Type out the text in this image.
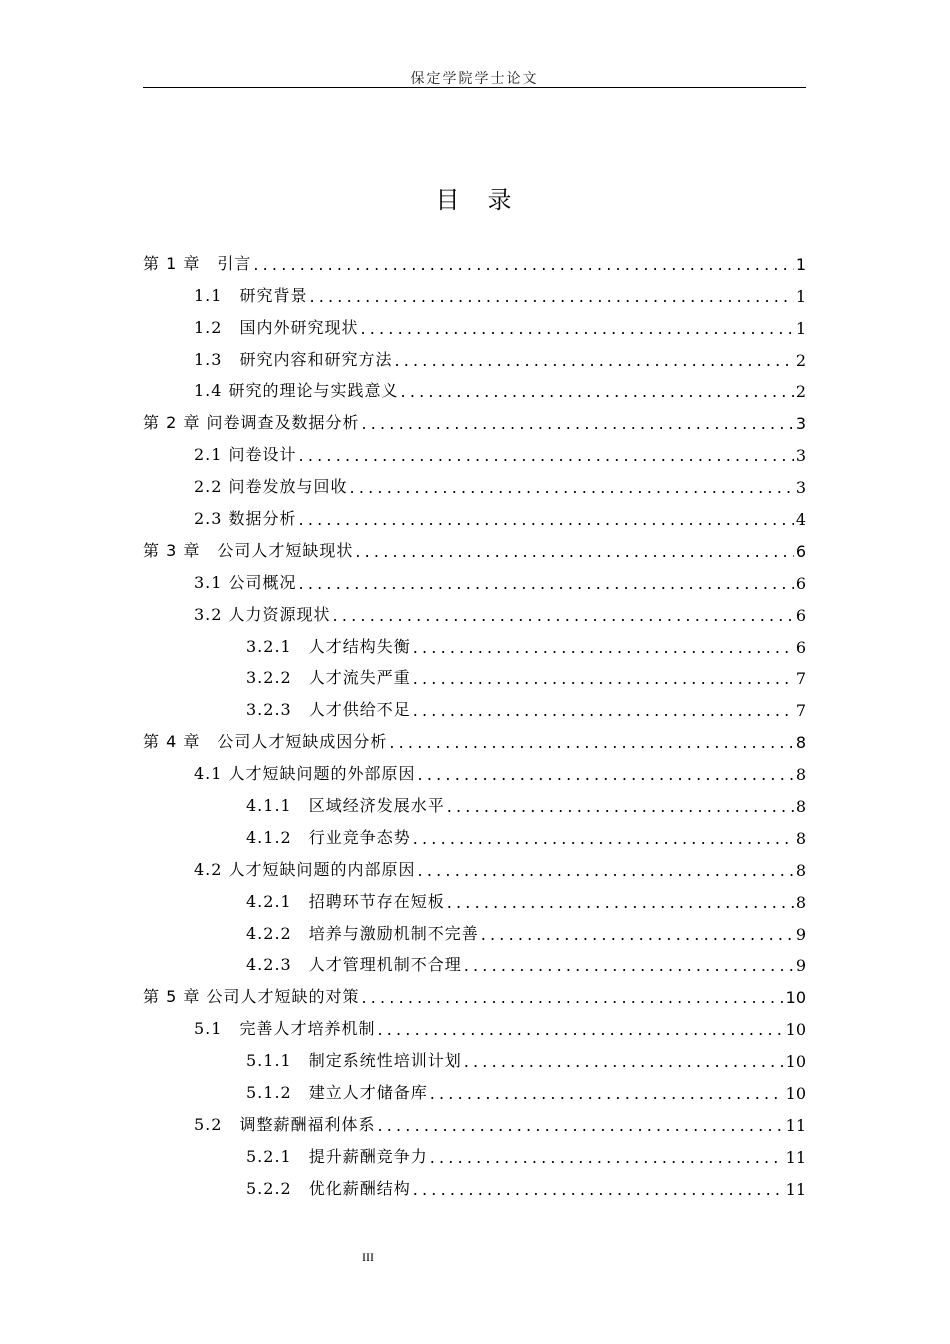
保定学院学士论文
目　录
第 1 章　引言 .....	1
1.1　研究背景 .....	1
1.2　国内外研究现状 .....	1
1.3　研究内容和研究方法 .....	2
1.4 研究的理论与实践意义 .....	2
第 2 章 问卷调查及数据分析 .....	3
2.1 问卷设计 .....	3
2.2 问卷发放与回收 .....	3
2.3 数据分析 .....	4
第 3 章　公司人才短缺现状 .....	6
3.1 公司概况 .....	6
3.2 人力资源现状 .....	6
3.2.1　人才结构失衡 .....	6
3.2.2　人才流失严重 .....	7
3.2.3　人才供给不足 .....	7
第 4 章　公司人才短缺成因分析 .....	8
4.1 人才短缺问题的外部原因 .....	8
4.1.1　区域经济发展水平 .....	8
4.1.2　行业竞争态势 .....	8
4.2 人才短缺问题的内部原因 .....	8
4.2.1　招聘环节存在短板 .....	8
4.2.2　培养与激励机制不完善 .....	9
4.2.3　人才管理机制不合理 .....	9
第 5 章 公司人才短缺的对策 .....	10
5.1　完善人才培养机制 .....	10
5.1.1　制定系统性培训计划 .....	10
5.1.2　建立人才储备库 .....	10
5.2　调整薪酬福利体系 .....	11
5.2.1　提升薪酬竞争力 .....	11
5.2.2　优化薪酬结构 .....	11
III
